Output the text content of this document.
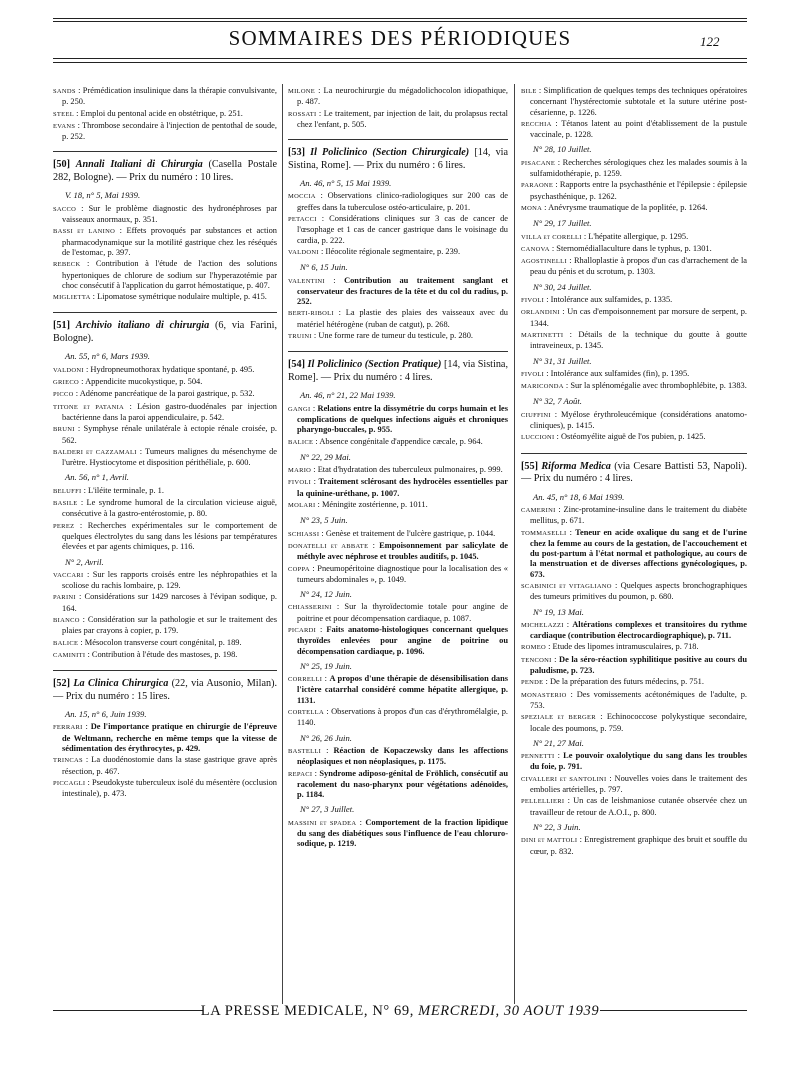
SOMMAIRES DES PÉRIODIQUES	122
SANDS : Prémédication insulinique dans la thérapie convulsivante, p. 250.
STEEL : Emploi du pentonal acide en obstétrique, p. 251.
EVANS : Thrombose secondaire à l'injection de pentothal de soude, p. 252.
[50] Annali Italiani di Chirurgia (Casella Postale 282, Bologne). — Prix du numéro : 10 lires.
V. 18, n° 5, Mai 1939.
SACCO : Sur le problème diagnostic des hydronéphroses par vaisseaux anormaux, p. 351.
BASSI et LANINO : Effets provoqués par substances et action pharmacodynamique sur la motilité gastrique chez les réséqués de l'estomac, p. 397.
REBECK : Contribution à l'étude de l'action des solutions hypertoniques de chlorure de sodium sur l'hyperazotémie par choc consécutif à l'application du garrot hémostatique, p. 407.
MIGLIETTA : Lipomatose symétrique nodulaire multiple, p. 415.
[51] Archivio italiano di chirurgia (6, via Farini, Bologne).
An. 55, n° 6, Mars 1939.
VALDONI : Hydropneumothorax hydatique spontané, p. 495.
GRIECO : Appendicite mucokystique, p. 504.
PICCO : Adénome pancréatique de la paroi gastrique, p. 532.
TITONE et PATANIA : Lésion gastro-duodénales par injection bactérienne dans la paroi appendiculaire, p. 542.
BRUNI : Symphyse rénale unilatérale à ectopie rénale croisée, p. 562.
BALDERI et CAZZAMALI : Tumeurs malignes du mésenchyme de l'urètre. Hystiocytome et disposition périthéliale, p. 600.
An. 56, n° 1, Avril.
BELUFFI : L'iléite terminale, p. 1.
BASILE : Le syndrome humoral de la circulation vicieuse aiguë, consécutive à la gastro-entérostomie, p. 80.
PEREZ : Recherches expérimentales sur le comportement de quelques électrolytes du sang dans les lésions par températures élevées et par agents chimiques, p. 116.
N° 2, Avril.
VACCARI : Sur les rapports croisés entre les néphropathies et la scoliose du rachis lombaire, p. 129.
PARINI : Considérations sur 1429 narcoses à l'évipan sodique, p. 164.
BIANCO : Considération sur la pathologie et sur le traitement des plaies par crayons à copier, p. 179.
BALICE : Mésocolon transverse court congénital, p. 189.
CAMINITI : Contribution à l'étude des mastoses, p. 198.
[52] La Clinica Chirurgica (22, via Ausonio, Milan). — Prix du numéro : 15 lires.
An. 15, n° 6, Juin 1939.
FERRARI : De l'importance pratique en chirurgie de l'épreuve de Weltmann, recherche en même temps que la vitesse de sédimentation des érythrocytes, p. 429.
TRINCAS : La duodénostomie dans la stase gastrique grave après résection, p. 467.
PICCAGLI : Pseudokyste tuberculeux isolé du mésentère (occlusion intestinale), p. 473.
MILONE : La neurochirurgie du mégadolichocolon idiopathique, p. 487.
ROSSATI : Le traitement, par injection de lait, du prolapsus rectal chez l'enfant, p. 505.
[53] Il Policlinico (Section Chirurgicale) [14, via Sistina, Rome]. — Prix du numéro : 6 lires.
An. 46, n° 5, 15 Mai 1939.
MOCCIA : Observations clinico-radiologiques sur 200 cas de greffes dans la tuberculose ostéo-articulaire, p. 201.
PETACCI : Considérations cliniques sur 3 cas de cancer de l'œsophage et 1 cas de cancer gastrique dans le voisinage du cardia, p. 222.
VALDONI : Iléocolite régionale segmentaire, p. 239.
N° 6, 15 Juin.
VALENTINI : Contribution au traitement sanglant et conservateur des fractures de la tête et du col du radius, p. 252.
BERTI-RIBOLI : La plastie des plaies des vaisseaux avec du matériel hétérogène (ruban de catgut), p. 268.
TRUINI : Une forme rare de tumeur du testicule, p. 280.
[54] Il Policlinico (Section Pratique) [14, via Sistina, Rome]. — Prix du numéro : 4 lires.
An. 46, n° 21, 22 Mai 1939.
GANGI : Relations entre la dissymétrie du corps humain et les complications de quelques infections aiguës et chroniques pharyngo-buccales, p. 955.
BALICE : Absence congénitale d'appendice cæcale, p. 964.
N° 22, 29 Mai.
MARIO : Etat d'hydratation des tuberculeux pulmonaires, p. 999.
FIVOLI : Traitement sclérosant des hydrocèles essentielles par la quinine-uréthane, p. 1007.
MOLARI : Méningite zostérienne, p. 1011.
N° 23, 5 Juin.
SCHIASSI : Genèse et traitement de l'ulcère gastrique, p. 1044.
DONATELLI et ABBATE : Empoisonnement par salicylate de méthyle avec néphrose et troubles auditifs, p. 1045.
COPPA : Pneumopéritoine diagnostique pour la localisation des « tumeurs abdominales », p. 1049.
N° 24, 12 Juin.
CHIASSERINI : Sur la thyroïdectomie totale pour angine de poitrine et pour décompensation cardiaque, p. 1087.
PICARDI : Faits anatomo-histologiques concernant quelques thyroïdes enlevées pour angine de poitrine ou décompensation cardiaque, p. 1096.
N° 25, 19 Juin.
CORRELLI : A propos d'une thérapie de désensibilisation dans l'ictère catarrhal considéré comme hépatite allergique, p. 1131.
CORTELLA : Observations à propos d'un cas d'érythromélalgie, p. 1140.
N° 26, 26 Juin.
BASTELLI : Réaction de Kopaczewsky dans les affections néoplasiques et non néoplasiques, p. 1175.
REPACI : Syndrome adiposo-génital de Fröhlich, consécutif au racolement du naso-pharynx pour végétations adénoïdes, p. 1184.
N° 27, 3 Juillet.
MASSINI et SPADEA : Comportement de la fraction lipidique du sang des diabétiques sous l'influence de l'eau chloruro-sodique, p. 1219.
BILE : Simplification de quelques temps des techniques opératoires concernant l'hystérectomie subtotale et la suture utérine post-césarienne, p. 1226.
RECCHIA : Tétanos latent au point d'établissement de la pustule vaccinale, p. 1228.
N° 28, 10 Juillet.
PISACANE : Recherches sérologiques chez les malades soumis à la sulfamidothérapie, p. 1259.
PARAONE : Rapports entre la psychasthénie et l'épilepsie : épilepsie psychasthénique, p. 1262.
MONA : Anévrysme traumatique de la poplitée, p. 1264.
N° 29, 17 Juillet.
VILLA et CORELLI : L'hépatite allergique, p. 1295.
CANOVA : Sternomédiallaculture dans le typhus, p. 1301.
AGOSTINELLI : Rhalloplastie à propos d'un cas d'arrachement de la peau du pénis et du scrotum, p. 1303.
N° 30, 24 Juillet.
FIVOLI : Intolérance aux sulfamides, p. 1335.
ORLANDINI : Un cas d'empoisonnement par morsure de serpent, p. 1344.
MARTINETTI : Détails de la technique du goutte à goutte intraveineux, p. 1345.
N° 31, 31 Juillet.
FIVOLI : Intolérance aux sulfamides (fin), p. 1395.
MARICONDA : Sur la splénomégalie avec thrombophlébite, p. 1383.
N° 32, 7 Août.
CIUFFINI : Myélose érythroleucémique (considérations anatomo-cliniques), p. 1415.
LUCCIONI : Ostéomyélite aiguë de l'os pubien, p. 1425.
[55] Riforma Medica (via Cesare Battisti 53, Napoli). — Prix du numéro : 4 lires.
An. 45, n° 18, 6 Mai 1939.
CAMERINI : Zinc-protamine-insuline dans le traitement du diabète mellitus, p. 671.
TOMMASELLI : Teneur en acide oxalique du sang et de l'urine chez la femme au cours de la gestation, de l'accouchement et du post-partum à l'état normal et pathologique, au cours de la menstruation et de diverses affections gynécologiques, p. 673.
SCABINICI et VITAGLIANO : Quelques aspects bronchographiques des tumeurs primitives du poumon, p. 680.
N° 19, 13 Mai.
MICHELAZZI : Altérations complexes et transitoires du rythme cardiaque (contribution électrocardiographique), p. 711.
ROMEO : Etude des lipomes intramusculaires, p. 718.
TENCONI : De la séro-réaction syphilitique positive au cours du paludisme, p. 723.
PENDE : De la préparation des futurs médecins, p. 751.
MONASTERIO : Des vomissements acétonémiques de l'adulte, p. 753.
SPEZIALE et BERGER : Echinococcose polykystique secondaire, locale des poumons, p. 759.
N° 21, 27 Mai.
PENNETTI : Le pouvoir oxalolytique du sang dans les troubles du foie, p. 791.
CIVALLERI et SANTOLINI : Nouvelles voies dans le traitement des embolies artérielles, p. 797.
PELLELLIERI : Un cas de leishmaniose cutanée observée chez un travailleur de retour de A.O.I., p. 800.
N° 22, 3 Juin.
DINI et MATTOLI : Enregistrement graphique des bruit et souffle du cœur, p. 832.
LA PRESSE MEDICALE, N° 69, MERCREDI, 30 AOUT 1939
